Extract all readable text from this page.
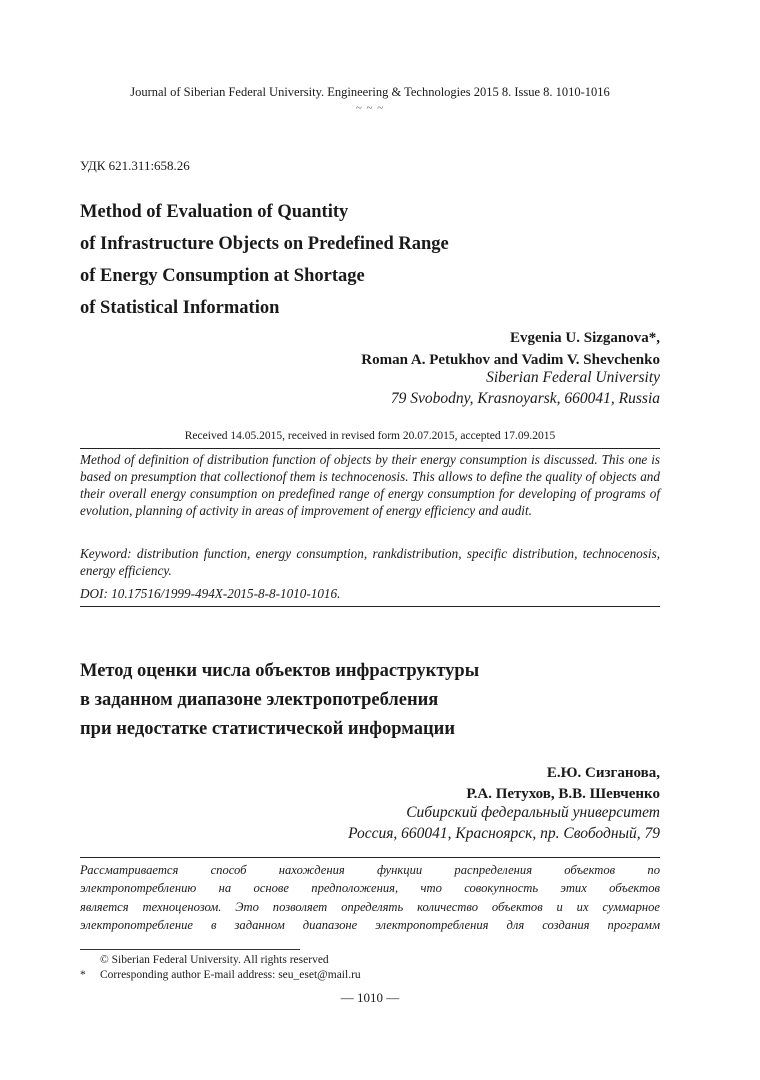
Journal of Siberian Federal University. Engineering & Technologies 2015 8. Issue 8. 1010-1016
~ ~ ~
УДК 621.311:658.26
Method of Evaluation of Quantity
of Infrastructure Objects on Predefined Range
of Energy Consumption at Shortage
of Statistical Information
Evgenia U. Sizganova*,
Roman A. Petukhov and Vadim V. Shevchenko
Siberian Federal University
79 Svobodny, Krasnoyarsk, 660041, Russia
Received 14.05.2015, received in revised form 20.07.2015, accepted 17.09.2015
Method of definition of distribution function of objects by their energy consumption is discussed. This one is based on presumption that collectionof them is technocenosis. This allows to define the quality of objects and their overall energy consumption on predefined range of energy consumption for developing of programs of evolution, planning of activity in areas of improvement of energy efficiency and audit.
Keyword: distribution function, energy consumption, rankdistribution, specific distribution, technocenosis, energy efficiency.
DOI: 10.17516/1999-494X-2015-8-8-1010-1016.
Метод оценки числа объектов инфраструктуры
в заданном диапазоне электропотребления
при недостатке статистической информации
Е.Ю. Сизганова,
Р.А. Петухов, В.В. Шевченко
Сибирский федеральный университет
Россия, 660041, Красноярск, пр. Свободный, 79
Рассматривается способ нахождения функции распределения объектов по
электропотреблению на основе предположения, что совокупность этих объектов
является техноценозом. Это позволяет определять количество объектов и их суммарное
электропотребление в заданном диапазоне электропотребления для создания программ
© Siberian Federal University. All rights reserved
*	Corresponding author E-mail address: seu_eset@mail.ru
— 1010 —
